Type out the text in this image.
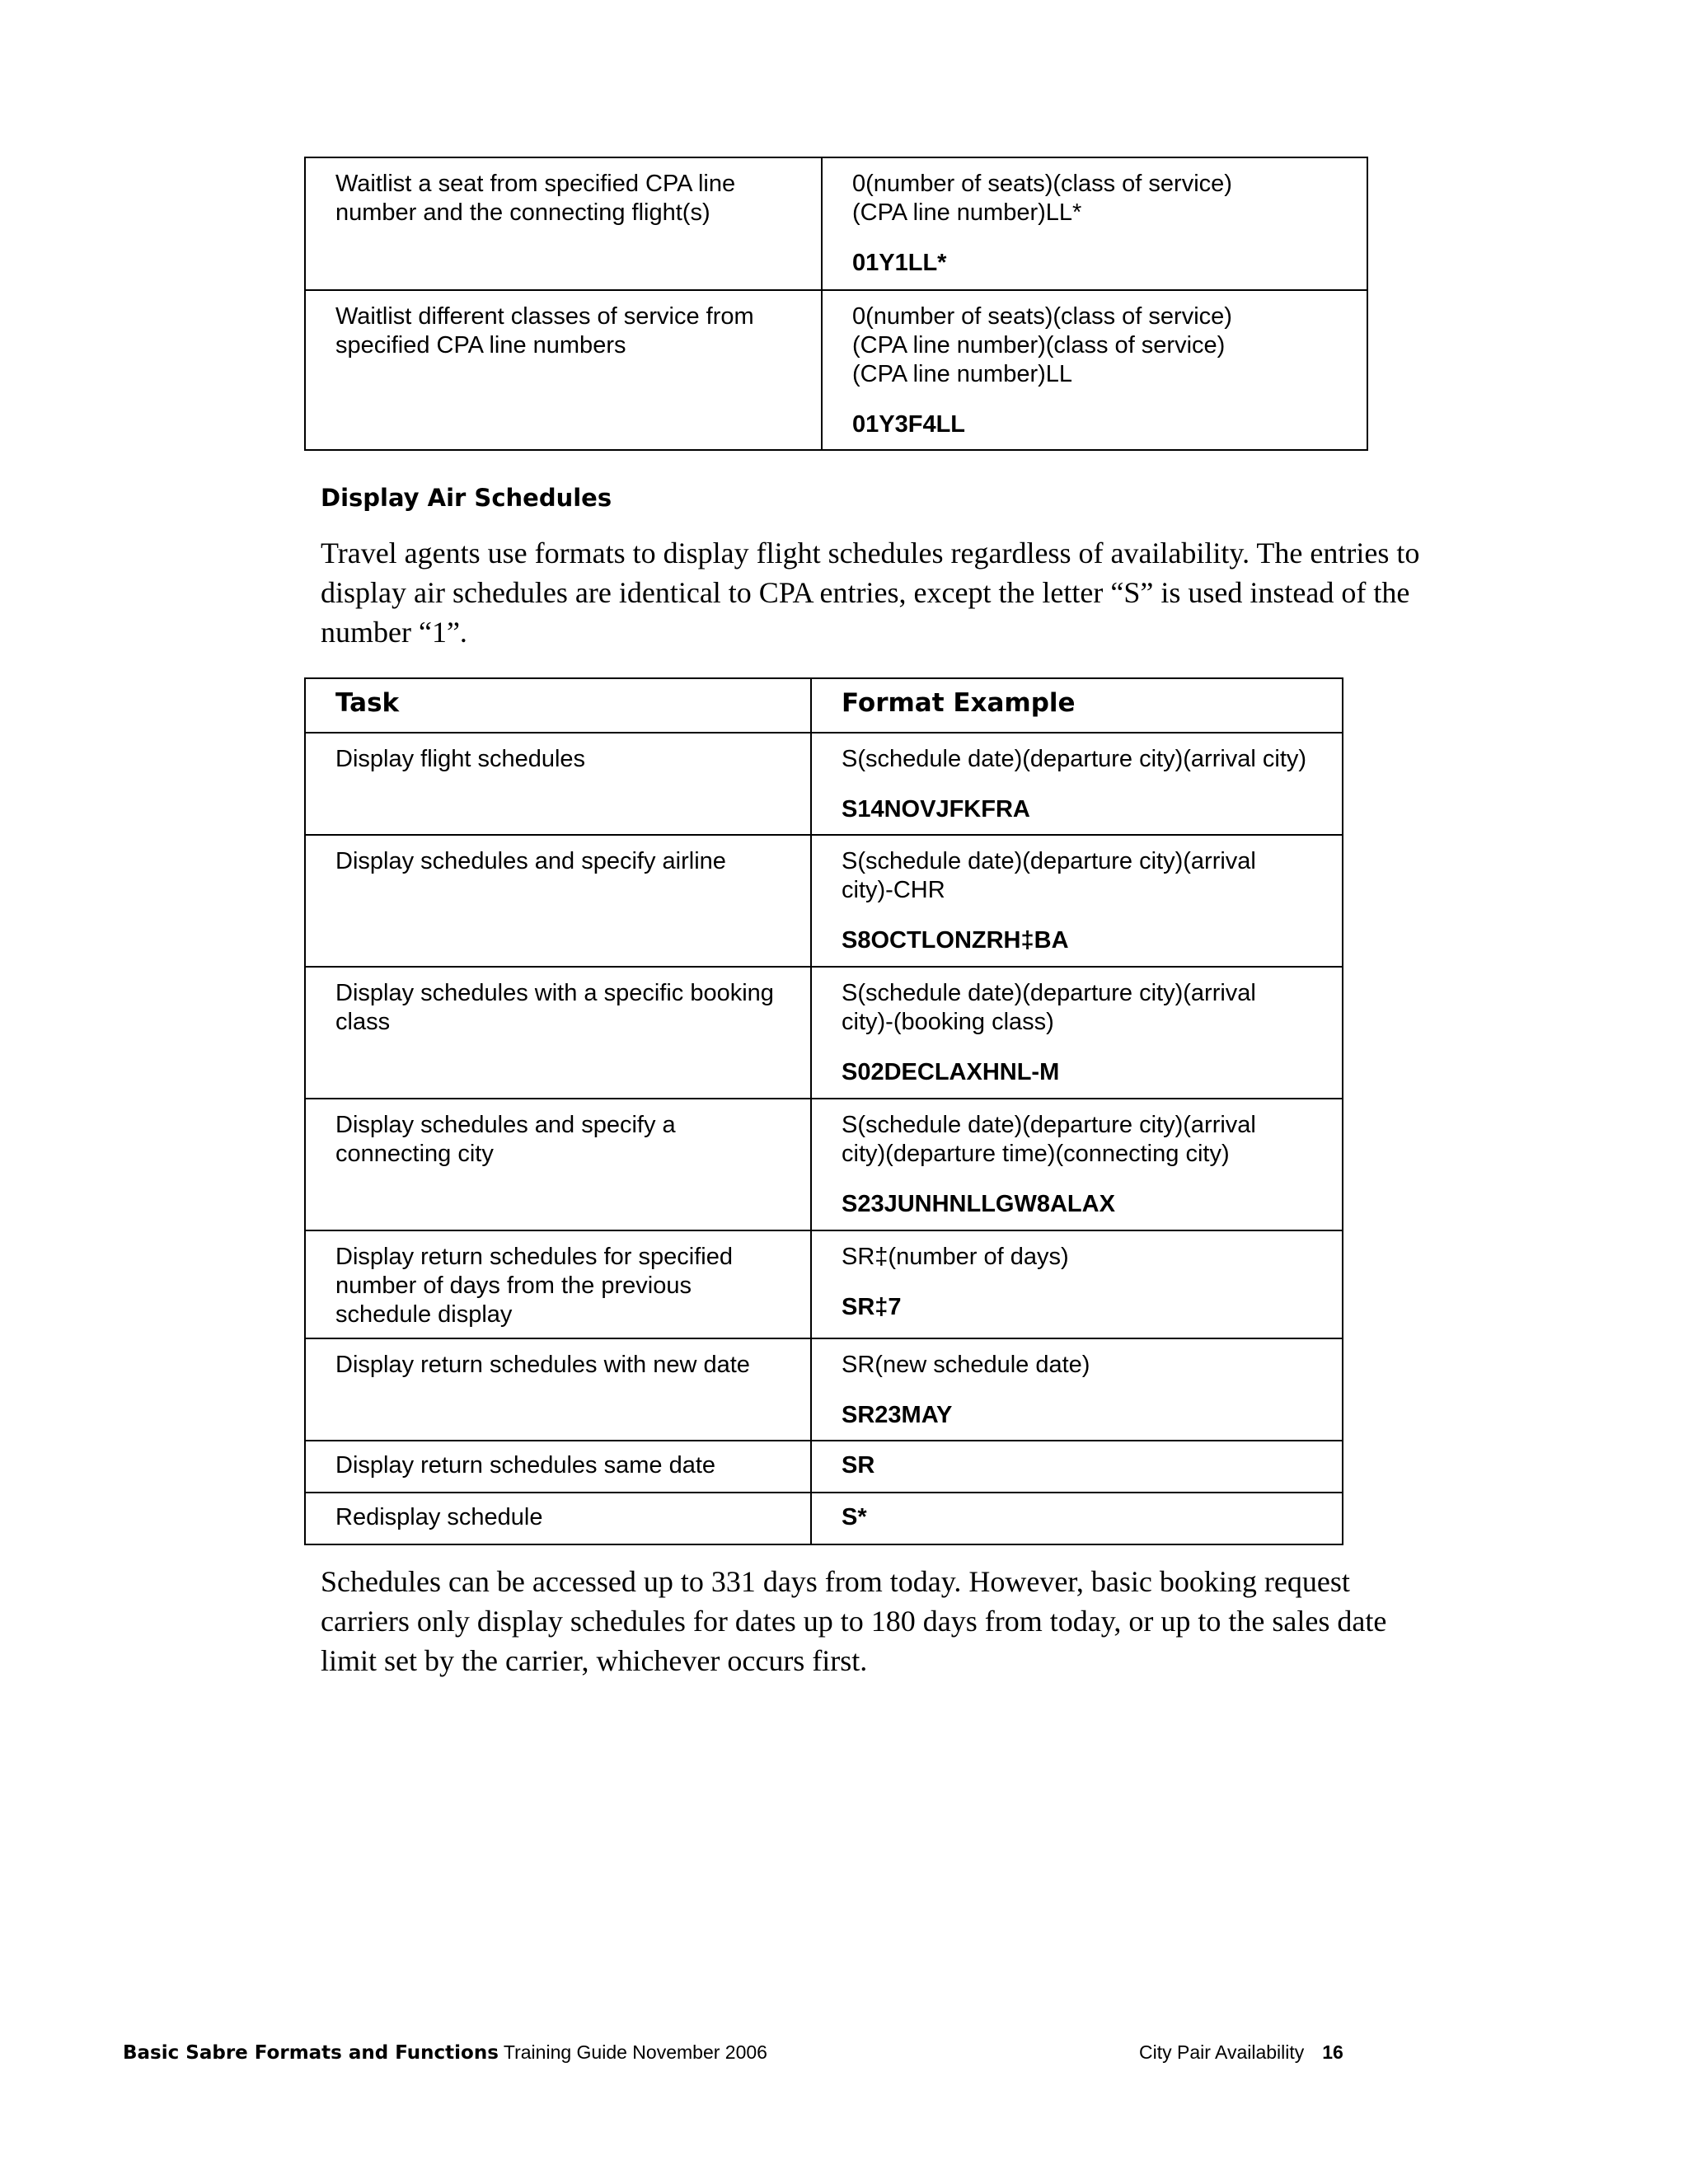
Waitlist a seat from specified CPA line
number and the connecting flight(s)	0(number of seats)(class of service)
(CPA line number)LL*
01Y1LL*

Waitlist different classes of service from
specified CPA line numbers	0(number of seats)(class of service)
(CPA line number)(class of service)
(CPA line number)LL
01Y3F4LL
Display Air Schedules

Travel agents use formats to display flight schedules regardless of availability. The entries to
display air schedules are identical to CPA entries, except the letter “S” is used instead of the
number “1”.

Task	Format Example

Display flight schedules	S(schedule date)(departure city)(arrival city)
S14NOVJFKFRA

Display schedules and specify airline	S(schedule date)(departure city)(arrival
city)-CHR
S8OCTLONZRH‡BA

Display schedules with a specific booking
class	S(schedule date)(departure city)(arrival
city)-(booking class)
S02DECLAXHNL-M

Display schedules and specify a
connecting city	S(schedule date)(departure city)(arrival
city)(departure time)(connecting city)
S23JUNHNLLGW8ALAX

Display return schedules for specified
number of days from the previous
schedule display	SR‡(number of days)
SR‡7

Display return schedules with new date	SR(new schedule date)
SR23MAY

Display return schedules same date	SR

Redisplay schedule	S*

Schedules can be accessed up to 331 days from today. However, basic booking request
carriers only display schedules for dates up to 180 days from today, or up to the sales date
limit set by the carrier, whichever occurs first.

Basic Sabre Formats and Functions Training Guide November 2006	City Pair Availability 16
